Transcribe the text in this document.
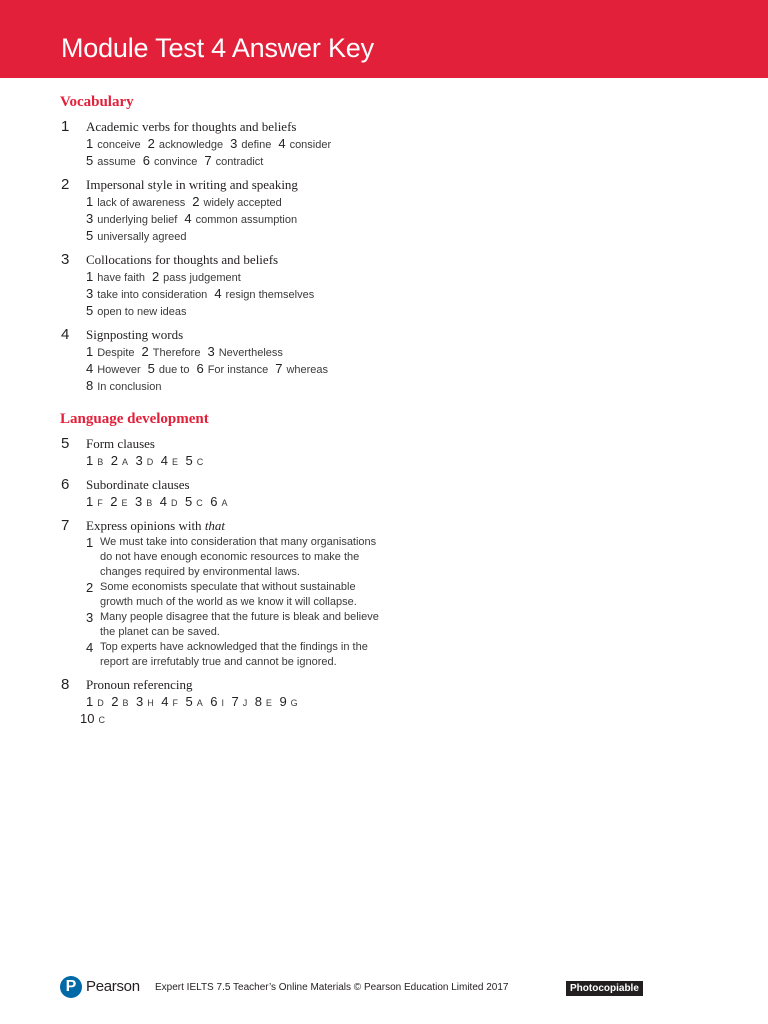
Module Test 4 Answer Key
Vocabulary
1 Academic verbs for thoughts and beliefs
1 conceive 2 acknowledge 3 define 4 consider
5 assume 6 convince 7 contradict
2 Impersonal style in writing and speaking
1 lack of awareness 2 widely accepted
3 underlying belief 4 common assumption
5 universally agreed
3 Collocations for thoughts and beliefs
1 have faith 2 pass judgement
3 take into consideration 4 resign themselves
5 open to new ideas
4 Signposting words
1 Despite 2 Therefore 3 Nevertheless
4 However 5 due to 6 For instance 7 whereas
8 In conclusion
Language development
5 Form clauses
1 B 2 A 3 D 4 E 5 C
6 Subordinate clauses
1 F 2 E 3 B 4 D 5 C 6 A
7 Express opinions with that
1 We must take into consideration that many organisations do not have enough economic resources to make the changes required by environmental laws.
2 Some economists speculate that without sustainable growth much of the world as we know it will collapse.
3 Many people disagree that the future is bleak and believe the planet can be saved.
4 Top experts have acknowledged that the findings in the report are irrefutably true and cannot be ignored.
8 Pronoun referencing
1 D 2 B 3 H 4 F 5 A 6 I 7 J 8 E 9 G
10 C
P Pearson Expert IELTS 7.5 Teacher’s Online Materials © Pearson Education Limited 2017	Photocopiable
